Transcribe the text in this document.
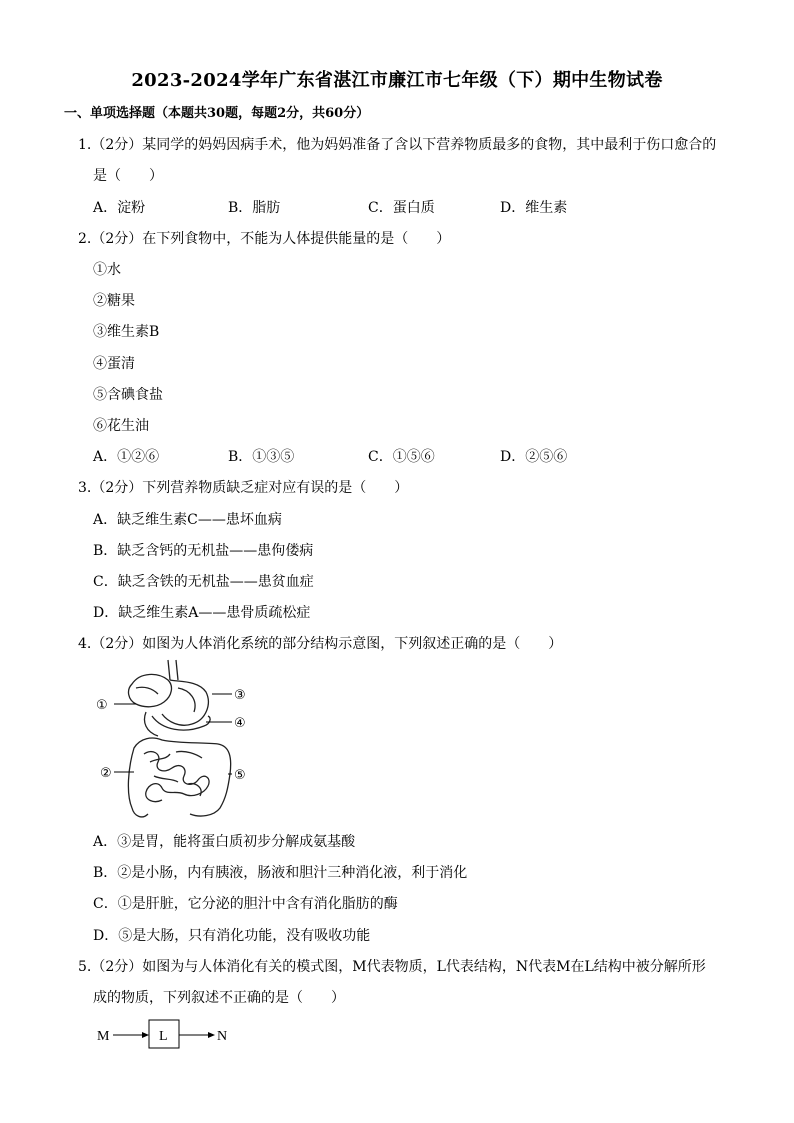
2023-2024学年广东省湛江市廉江市七年级（下）期中生物试卷
一、单项选择题（本题共30题，每题2分，共60分）
1.（2分）某同学的妈妈因病手术，他为妈妈准备了含以下营养物质最多的食物，其中最利于伤口愈合的
是（　　）
A．淀粉	B．脂肪	C．蛋白质	D．维生素
2.（2分）在下列食物中，不能为人体提供能量的是（　　）
①水
②糖果
③维生素B
④蛋清
⑤含碘食盐
⑥花生油
A．①②⑥	B．①③⑤	C．①⑤⑥	D．②⑤⑥
3.（2分）下列营养物质缺乏症对应有误的是（　　）
A．缺乏维生素C——患坏血病
B．缺乏含钙的无机盐——患佝偻病
C．缺乏含铁的无机盐——患贫血症
D．缺乏维生素A——患骨质疏松症
4.（2分）如图为人体消化系统的部分结构示意图，下列叙述正确的是（　　）
①
②
③
④
⑤
A．③是胃，能将蛋白质初步分解成氨基酸
B．②是小肠，内有胰液，肠液和胆汁三种消化液，利于消化
C．①是肝脏，它分泌的胆汁中含有消化脂肪的酶
D．⑤是大肠，只有消化功能，没有吸收功能
5.（2分）如图为与人体消化有关的模式图，M代表物质，L代表结构，N代表M在L结构中被分解所形
成的物质，下列叙述不正确的是（　　）
M	L	N
